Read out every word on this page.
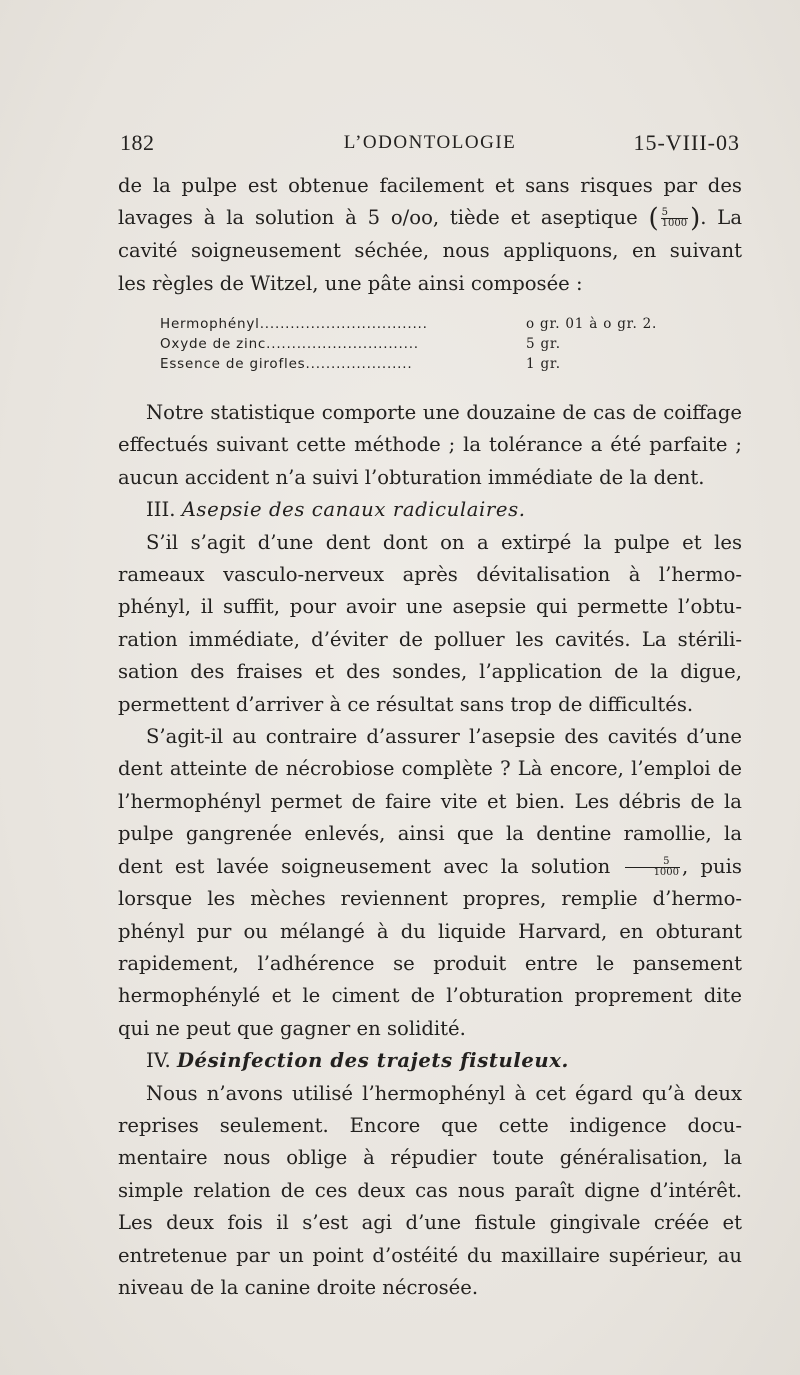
182	L’ODONTOLOGIE	15-VIII-03

de la pulpe est obtenue facilement et sans risques par des

lavages à la solution à 5 o/oo, tiède et aseptique ( $\frac{5}{1000}$ ). La

cavité soigneusement séchée, nous appliquons, en suivant

les règles de Witzel, une pâte ainsi composée :

Hermophényl.................................	o gr. 01 à o gr. 2.
Oxyde de zinc..............................	5 gr.
Essence de girofles.....................	1 gr.

Notre statistique comporte une douzaine de cas de coiffage effectués suivant cette méthode ; la tolérance a été parfaite ; aucun accident n’a suivi l’obturation immédiate de la dent.

III. Asepsie des canaux radiculaires.

S’il s’agit d’une dent dont on a extirpé la pulpe et les rameaux vasculo-nerveux après dévitalisation à l’hermo-phényl, il suffit, pour avoir une asepsie qui permette l’obtu-ration immédiate, d’éviter de polluer les cavités. La stérili-sation des fraises et des sondes, l’application de la digue, permettent d’arriver à ce résultat sans trop de difficultés.

S’agit-il au contraire d’assurer l’asepsie des cavités d’une dent atteinte de nécrobiose complète ? Là encore, l’emploi de l’hermophényl permet de faire vite et bien. Les débris de la pulpe gangrenée enlevés, ainsi que la dentine ramollie, la dent est lavée soigneusement avec la solution $\frac{5}{1000}$ , puis lorsque les mèches reviennent propres, remplie d’hermo-phényl pur ou mélangé à du liquide Harvard, en obturant rapidement, l’adhérence se produit entre le pansement hermophénylé et le ciment de l’obturation proprement dite qui ne peut que gagner en solidité.

IV. Désinfection des trajets fistuleux.

Nous n’avons utilisé l’hermophényl à cet égard qu’à deux reprises seulement. Encore que cette indigence docu-mentaire nous oblige à répudier toute généralisation, la simple relation de ces deux cas nous paraît digne d’intérêt. Les deux fois il s’est agi d’une fistule gingivale créée et entretenue par un point d’ostéité du maxillaire supérieur, au niveau de la canine droite nécrosée.
